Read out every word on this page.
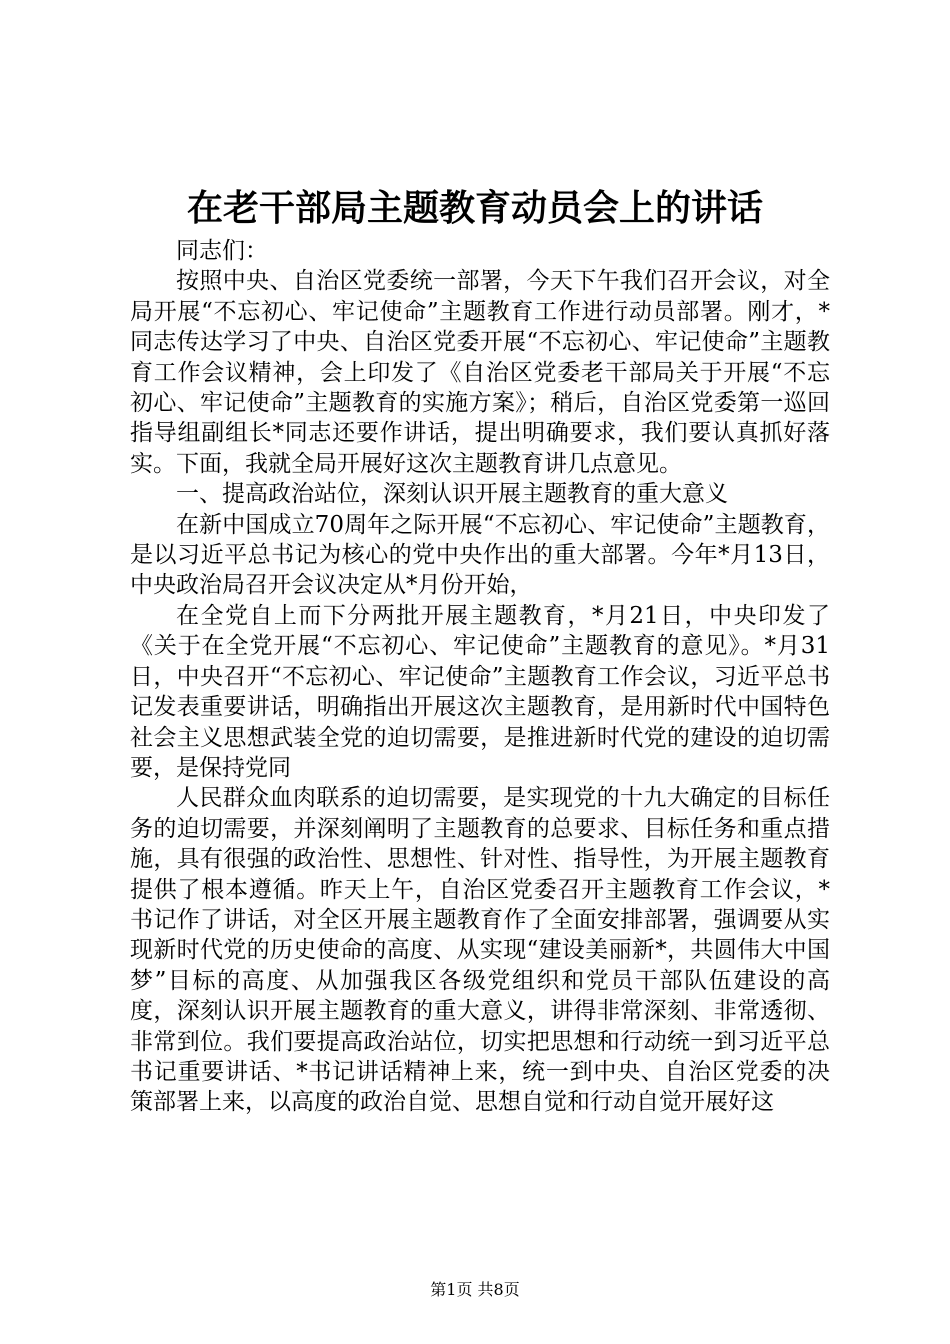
在老干部局主题教育动员会上的讲话

同志们：

按照中央、自治区党委统一部署，今天下午我们召开会议，对全局开展“不忘初心、牢记使命”主题教育工作进行动员部署。刚才，*同志传达学习了中央、自治区党委开展“不忘初心、牢记使命”主题教育工作会议精神，会上印发了《自治区党委老干部局关于开展“不忘初心、牢记使命”主题教育的实施方案》；稍后，自治区党委第一巡回指导组副组长*同志还要作讲话，提出明确要求，我们要认真抓好落实。下面，我就全局开展好这次主题教育讲几点意见。

一、提高政治站位，深刻认识开展主题教育的重大意义

在新中国成立70周年之际开展“不忘初心、牢记使命”主题教育，是以习近平总书记为核心的党中央作出的重大部署。今年*月13日，中央政治局召开会议决定从*月份开始，

在全党自上而下分两批开展主题教育，*月21日，中央印发了《关于在全党开展“不忘初心、牢记使命”主题教育的意见》。*月31日，中央召开“不忘初心、牢记使命”主题教育工作会议，习近平总书记发表重要讲话，明确指出开展这次主题教育，是用新时代中国特色社会主义思想武装全党的迫切需要，是推进新时代党的建设的迫切需要，是保持党同

人民群众血肉联系的迫切需要，是实现党的十九大确定的目标任务的迫切需要，并深刻阐明了主题教育的总要求、目标任务和重点措施，具有很强的政治性、思想性、针对性、指导性，为开展主题教育提供了根本遵循。昨天上午，自治区党委召开主题教育工作会议，*书记作了讲话，对全区开展主题教育作了全面安排部署，强调要从实现新时代党的历史使命的高度、从实现“建设美丽新*，共圆伟大中国梦”目标的高度、从加强我区各级党组织和党员干部队伍建设的高度，深刻认识开展主题教育的重大意义，讲得非常深刻、非常透彻、非常到位。我们要提高政治站位，切实把思想和行动统一到习近平总书记重要讲话、*书记讲话精神上来，统一到中央、自治区党委的决策部署上来，以高度的政治自觉、思想自觉和行动自觉开展好这

第1页 共8页
